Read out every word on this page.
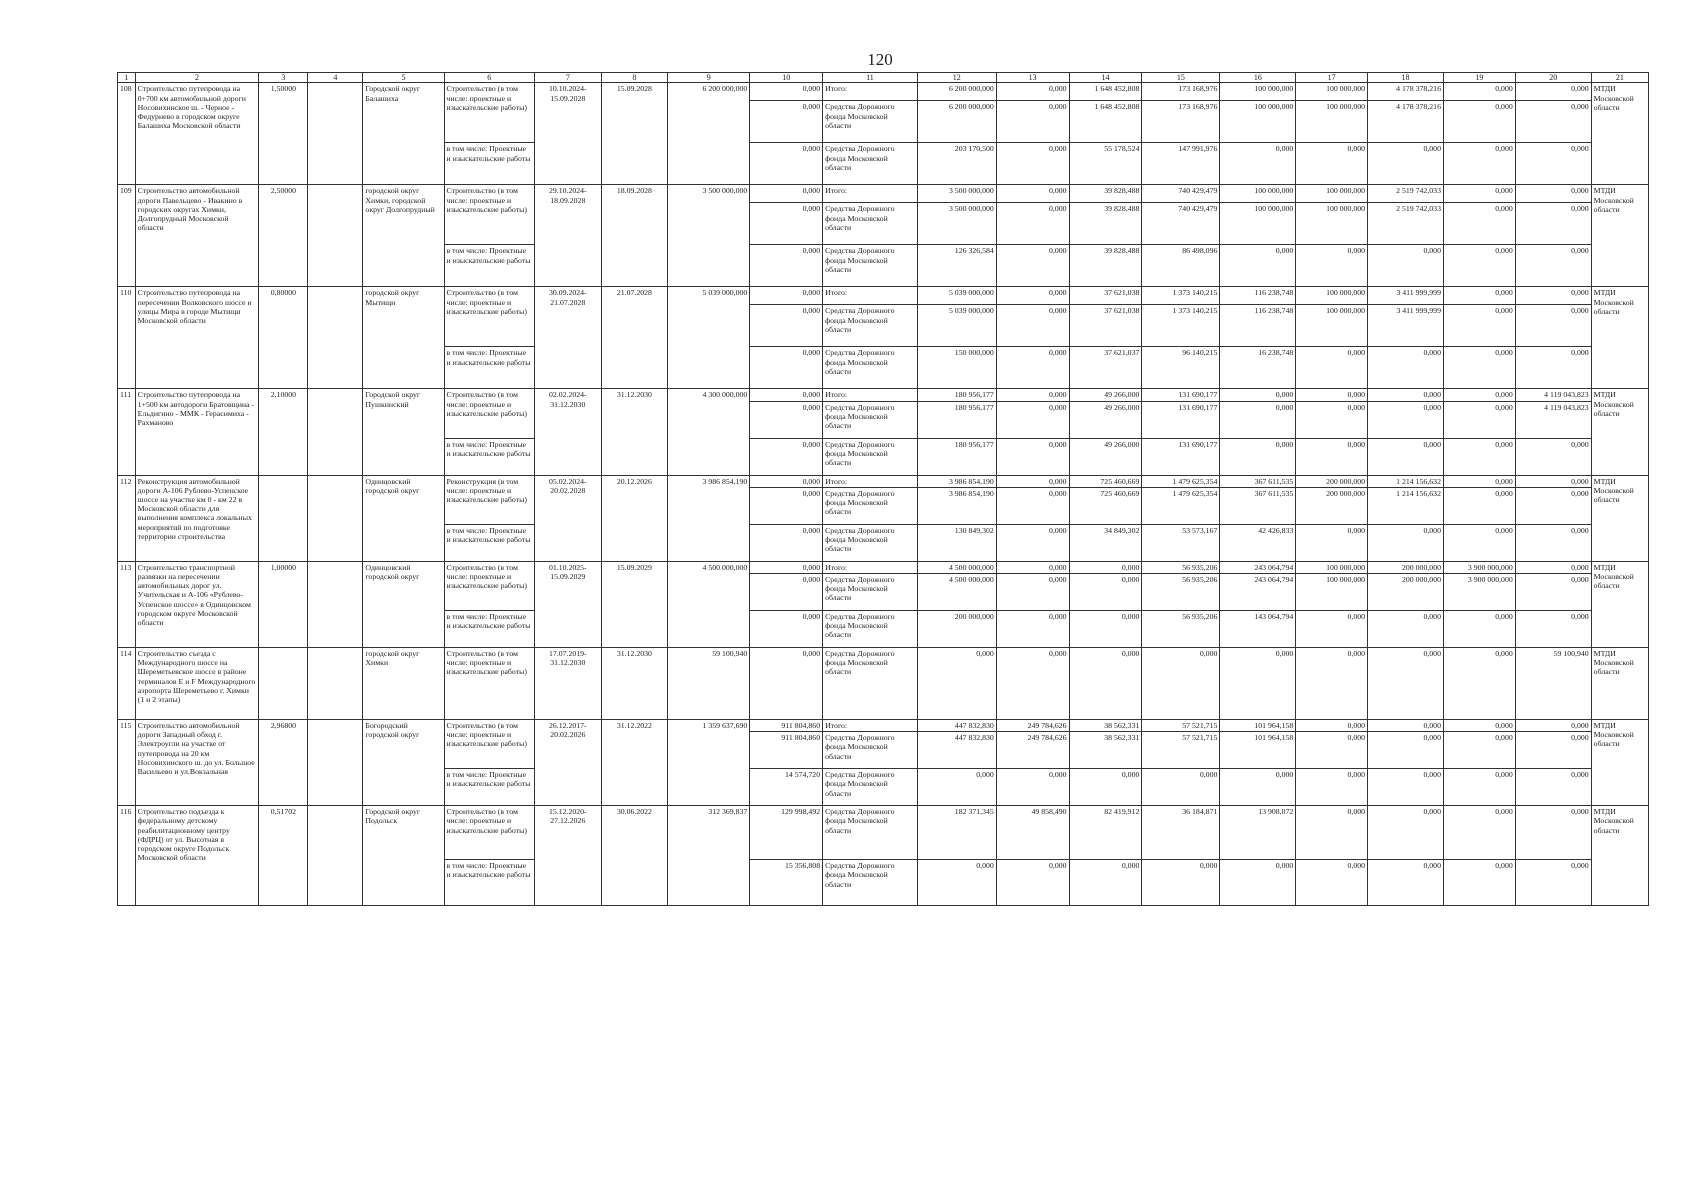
120
1	2	3	4	5	6	7	8	9	10	11	12	13	14	15	16	17	18	19	20	21
108	Строительство путепровода на 0+700 км автомобильной дороги Носовихинское ш. - Черное - Федурнево в городском округе Балашиха Московской области	1,50000		Городской округ Балашиха	Строительство (в том числе: проектные и изыскательские работы)	10.10.2024- 15.09.2028	15.09.2028	6 200 000,000	0,000	Итого:	6 200 000,000	0,000	1 648 452,808	173 168,976	100 000,000	100 000,000	4 178 378,216	0,000	0,000	МТДИ Московской области
									0,000	Средства Дорожного фонда Московской области	6 200 000,000	0,000	1 648 452,808	173 168,976	100 000,000	100 000,000	4 178 378,216	0,000	0,000	
					в том числе: Проектные и изыскательские работы				0,000	Средства Дорожного фонда Московской области	203 170,500	0,000	55 178,524	147 991,976	0,000	0,000	0,000	0,000	0,000	
109	Строительство автомобильной дороги Павельцево - Ивакино в городских округах Химки, Долгопрудный Московской области	2,50000		городской округ Химки, городской округ Долгопрудный	Строительство (в том числе: проектные и изыскательские работы)	29.10.2024- 18.09.2028	18.09.2028	3 500 000,000	0,000	Итого:	3 500 000,000	0,000	39 828,488	740 429,479	100 000,000	100 000,000	2 519 742,033	0,000	0,000	МТДИ Московской области
									0,000	Средства Дорожного фонда Московской области	3 500 000,000	0,000	39 828,488	740 429,479	100 000,000	100 000,000	2 519 742,033	0,000	0,000	
					в том числе: Проектные и изыскательские работы				0,000	Средства Дорожного фонда Московской области	126 326,584	0,000	39 828,488	86 498,096	0,000	0,000	0,000	0,000	0,000	
110	Строительство путепровода на пересечении Волковского шоссе и улицы Мира в городе Мытищи Московской области	0,80000		городской округ Мытищи	Строительство (в том числе: проектные и изыскательские работы)	30.09.2024- 21.07.2028	21.07.2028	5 039 000,000	0,000	Итого:	5 039 000,000	0,000	37 621,038	1 373 140,215	116 238,748	100 000,000	3 411 999,999	0,000	0,000	МТДИ Московской области
									0,000	Средства Дорожного фонда Московской области	5 039 000,000	0,000	37 621,038	1 373 140,215	116 238,748	100 000,000	3 411 999,999	0,000	0,000	
					в том числе: Проектные и изыскательские работы				0,000	Средства Дорожного фонда Московской области	150 000,000	0,000	37 621,037	96 140,215	16 238,748	0,000	0,000	0,000	0,000	
111	Строительство путепровода на 1+500 км автодороги Братовщина - Ельдигино - ММК - Герасимиха - Рахманово	2,10000		Городской округ Пушкинский	Строительство (в том числе: проектные и изыскательские работы)	02.02.2024- 31.12.2030	31.12.2030	4 300 000,000	0,000	Итого:	180 956,177	0,000	49 266,000	131 690,177	0,000	0,000	0,000	0,000	4 119 043,823	МТДИ Московской области
									0,000	Средства Дорожного фонда Московской области	180 956,177	0,000	49 266,000	131 690,177	0,000	0,000	0,000	0,000	4 119 043,823	
					в том числе: Проектные и изыскательские работы				0,000	Средства Дорожного фонда Московской области	180 956,177	0,000	49 266,000	131 690,177	0,000	0,000	0,000	0,000	0,000	
112	Реконструкция автомобильной дороги А-106 Рублево-Успенское шоссе на участке км 0 - км 22 в Московской области для выполнения комплекса локальных мероприятий по подготовке территории строительства			Одинцовский городской округ	Реконструкция (в том числе: проектные и изыскательские работы)	05.02.2024- 20.02.2028	20.12.2026	3 986 854,190	0,000	Итого:	3 986 854,190	0,000	725 460,669	1 479 625,354	367 611,535	200 000,000	1 214 156,632	0,000	0,000	МТДИ Московской области
									0,000	Средства Дорожного фонда Московской области	3 986 854,190	0,000	725 460,669	1 479 625,354	367 611,535	200 000,000	1 214 156,632	0,000	0,000	
					в том числе: Проектные и изыскательские работы				0,000	Средства Дорожного фонда Московской области	130 849,302	0,000	34 849,302	53 573,167	42 426,833	0,000	0,000	0,000	0,000	
113	Строительство транспортной развязки на пересечении автомобильных дорог ул. Учительская и А-106 «Рублево-Успенское шоссе» в Одинцовском городском округе Московской области	1,00000		Одинцовский городской округ	Строительство (в том числе: проектные и изыскательские работы)	01.10.2025- 15.09.2029	15.09.2029	4 500 000,000	0,000	Итого:	4 500 000,000	0,000	0,000	56 935,206	243 064,794	100 000,000	200 000,000	3 900 000,000	0,000	МТДИ Московской области
									0,000	Средства Дорожного фонда Московской области	4 500 000,000	0,000	0,000	56 935,206	243 064,794	100 000,000	200 000,000	3 900 000,000	0,000	
					в том числе: Проектные и изыскательские работы				0,000	Средства Дорожного фонда Московской области	200 000,000	0,000	0,000	56 935,206	143 064,794	0,000	0,000	0,000	0,000	
114	Строительство съезда с Международного шоссе на Шереметьевское шоссе в районе терминалов E и F Международного аэропорта Шереметьево г. Химки (1 и 2 этапы)			городской округ Химки	Строительство (в том числе: проектные и изыскательские работы)	17.07.2019- 31.12.2030	31.12.2030	59 100,940	0,000	Средства Дорожного фонда Московской области	0,000	0,000	0,000	0,000	0,000	0,000	0,000	0,000	59 100,940	МТДИ Московской области
115	Строительство автомобильной дороги Западный обход г. Электроугли на участке от путепровода на 20 км Носовихинского ш. до ул. Большое Васильево и ул.Вокзальная	2,96800		Богородский городской округ	Строительство (в том числе: проектные и изыскательские работы)	26.12.2017- 20.02.2026	31.12.2022	1 359 637,690	911 804,860	Итого:	447 832,830	249 784,626	38 562,331	57 521,715	101 964,158	0,000	0,000	0,000	0,000	МТДИ Московской области
									911 804,860	Средства Дорожного фонда Московской области	447 832,830	249 784,626	38 562,331	57 521,715	101 964,158	0,000	0,000	0,000	0,000	
					в том числе: Проектные и изыскательские работы				14 574,720	Средства Дорожного фонда Московской области	0,000	0,000	0,000	0,000	0,000	0,000	0,000	0,000	0,000	
116	Строительство подъезда к федеральному детскому реабилитационному центру (ФДРЦ) от ул. Высотная в городском округе Подольск Московской области	0,51702		Городской округ Подольск	Строительство (в том числе: проектные и изыскательские работы)	15.12.2020- 27.12.2026	30.06.2022	312 369,837	129 998,492	Средства Дорожного фонда Московской области	182 371,345	49 858,490	82 419,912	36 184,871	13 908,072	0,000	0,000	0,000	0,000	МТДИ Московской области
					в том числе: Проектные и изыскательские работы				15 356,808	Средства Дорожного фонда Московской области	0,000	0,000	0,000	0,000	0,000	0,000	0,000	0,000	0,000	
